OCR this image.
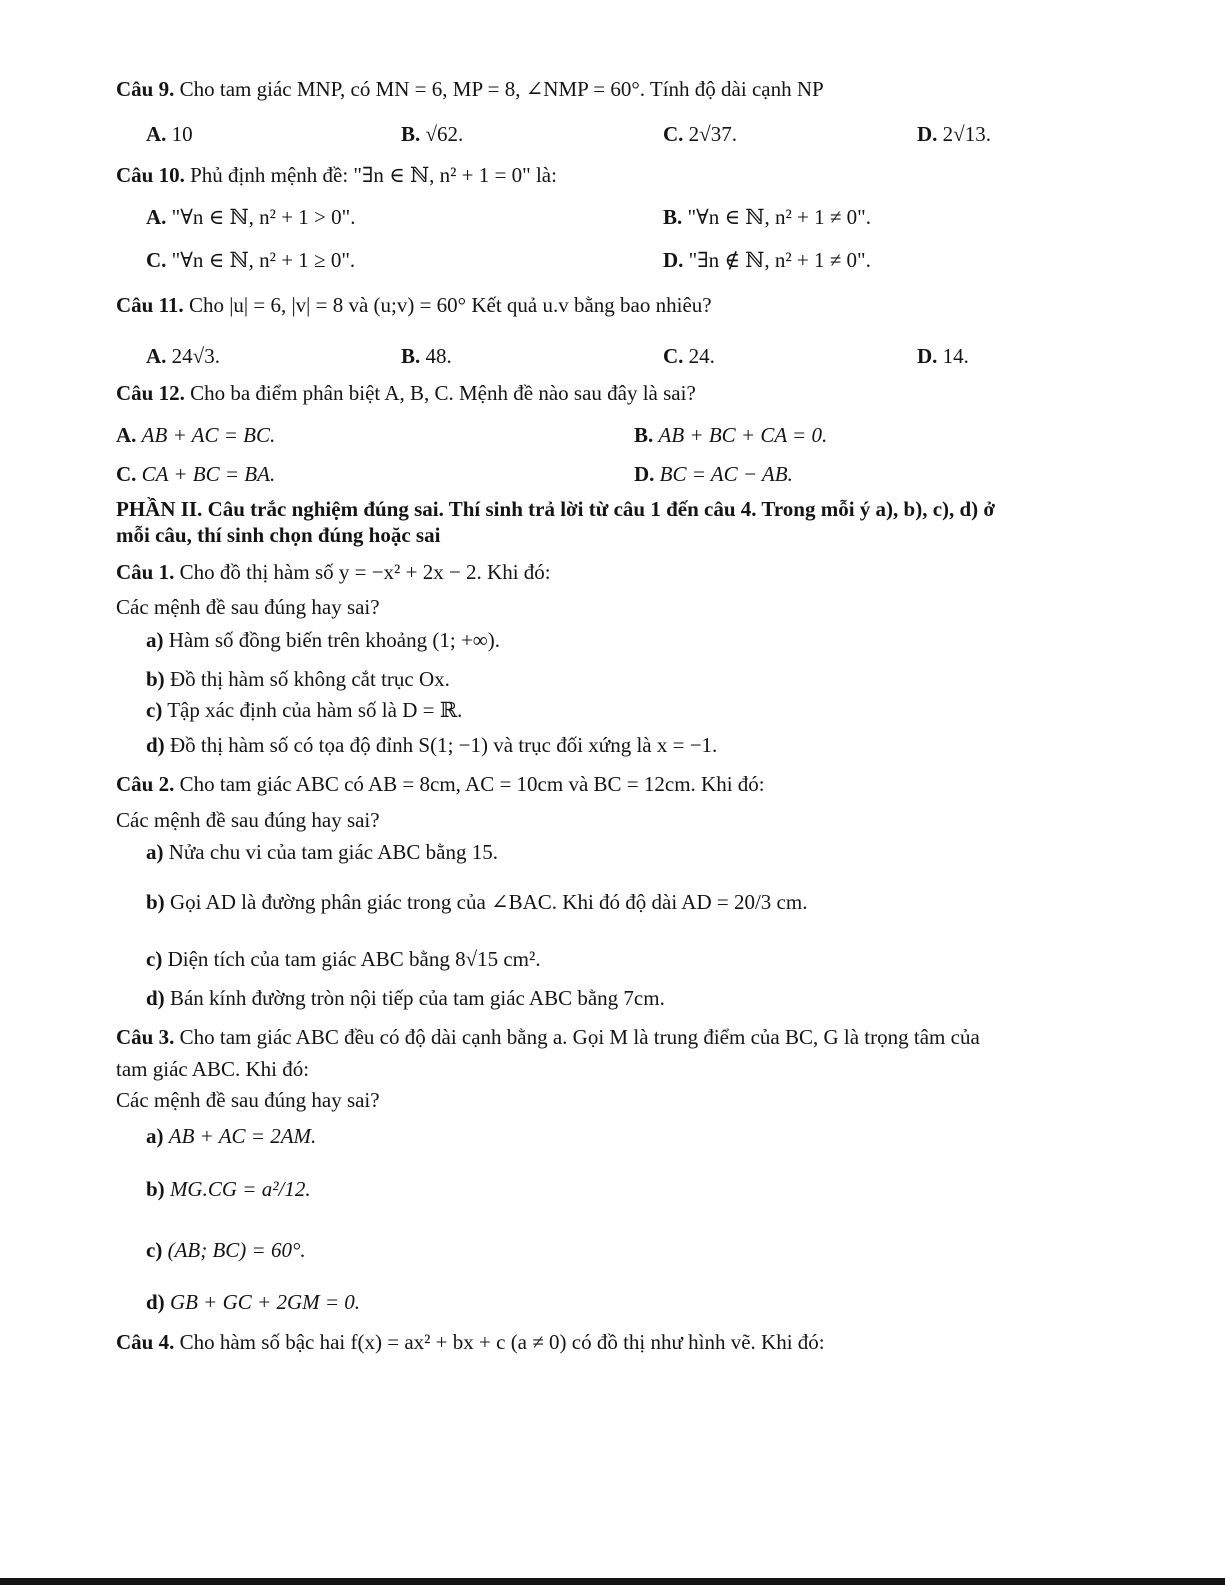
Câu 9. Cho tam giác MNP, có MN = 6, MP = 8, ∠NMP = 60°. Tính độ dài cạnh NP
A. 10	B. √62.	C. 2√37.	D. 2√13.
Câu 10. Phủ định mệnh đề: "∃n ∈ ℕ, n² + 1 = 0" là:
A. "∀n ∈ ℕ, n² + 1 > 0".	B. "∀n ∈ ℕ, n² + 1 ≠ 0".
C. "∀n ∈ ℕ, n² + 1 ≥ 0".	D. "∃n ∉ ℕ, n² + 1 ≠ 0".
Câu 11. Cho |u| = 6, |v| = 8 và (u;v) = 60° Kết quả u.v bằng bao nhiêu?
A. 24√3.	B. 48.	C. 24.	D. 14.
Câu 12. Cho ba điểm phân biệt A, B, C. Mệnh đề nào sau đây là sai?
A. AB + AC = BC.	B. AB + BC + CA = 0.
C. CA + BC = BA.	D. BC = AC − AB.
PHẦN II. Câu trắc nghiệm đúng sai. Thí sinh trả lời từ câu 1 đến câu 4. Trong mỗi ý a), b), c), d) ở
mỗi câu, thí sinh chọn đúng hoặc sai
Câu 1. Cho đồ thị hàm số y = −x² + 2x − 2. Khi đó:
Các mệnh đề sau đúng hay sai?
a) Hàm số đồng biến trên khoảng (1; +∞).
b) Đồ thị hàm số không cắt trục Ox.
c) Tập xác định của hàm số là D = ℝ.
d) Đồ thị hàm số có tọa độ đỉnh S(1; −1) và trục đối xứng là x = −1.
Câu 2. Cho tam giác ABC có AB = 8cm, AC = 10cm và BC = 12cm. Khi đó:
Các mệnh đề sau đúng hay sai?
a) Nửa chu vi của tam giác ABC bằng 15.
b) Gọi AD là đường phân giác trong của ∠BAC. Khi đó độ dài AD = 20/3 cm.
c) Diện tích của tam giác ABC bằng 8√15 cm².
d) Bán kính đường tròn nội tiếp của tam giác ABC bằng 7cm.
Câu 3. Cho tam giác ABC đều có độ dài cạnh bằng a. Gọi M là trung điểm của BC, G là trọng tâm của
tam giác ABC. Khi đó:
Các mệnh đề sau đúng hay sai?
a) AB + AC = 2AM.
b) MG.CG = a²/12.
c) (AB; BC) = 60°.
d) GB + GC + 2GM = 0.
Câu 4. Cho hàm số bậc hai f(x) = ax² + bx + c (a ≠ 0) có đồ thị như hình vẽ. Khi đó:
